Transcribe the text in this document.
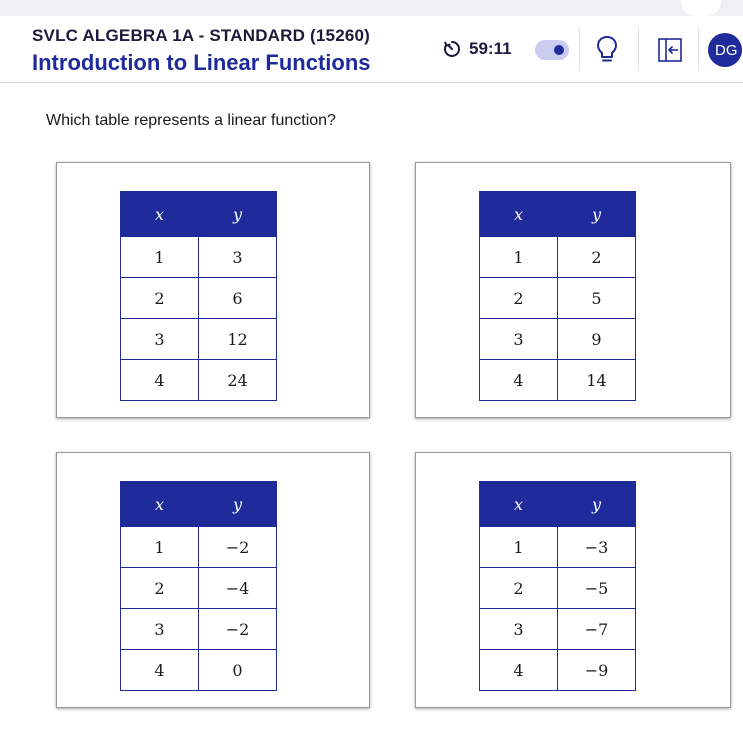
SVLC ALGEBRA 1A - STANDARD (15260)
Introduction to Linear Functions
59:11	DG
Which table represents a linear function?
x	y
1	3
2	6
3	12
4	24
x	y
1	2
2	5
3	9
4	14
x	y
1	−2
2	−4
3	−2
4	0
x	y
1	−3
2	−5
3	−7
4	−9
